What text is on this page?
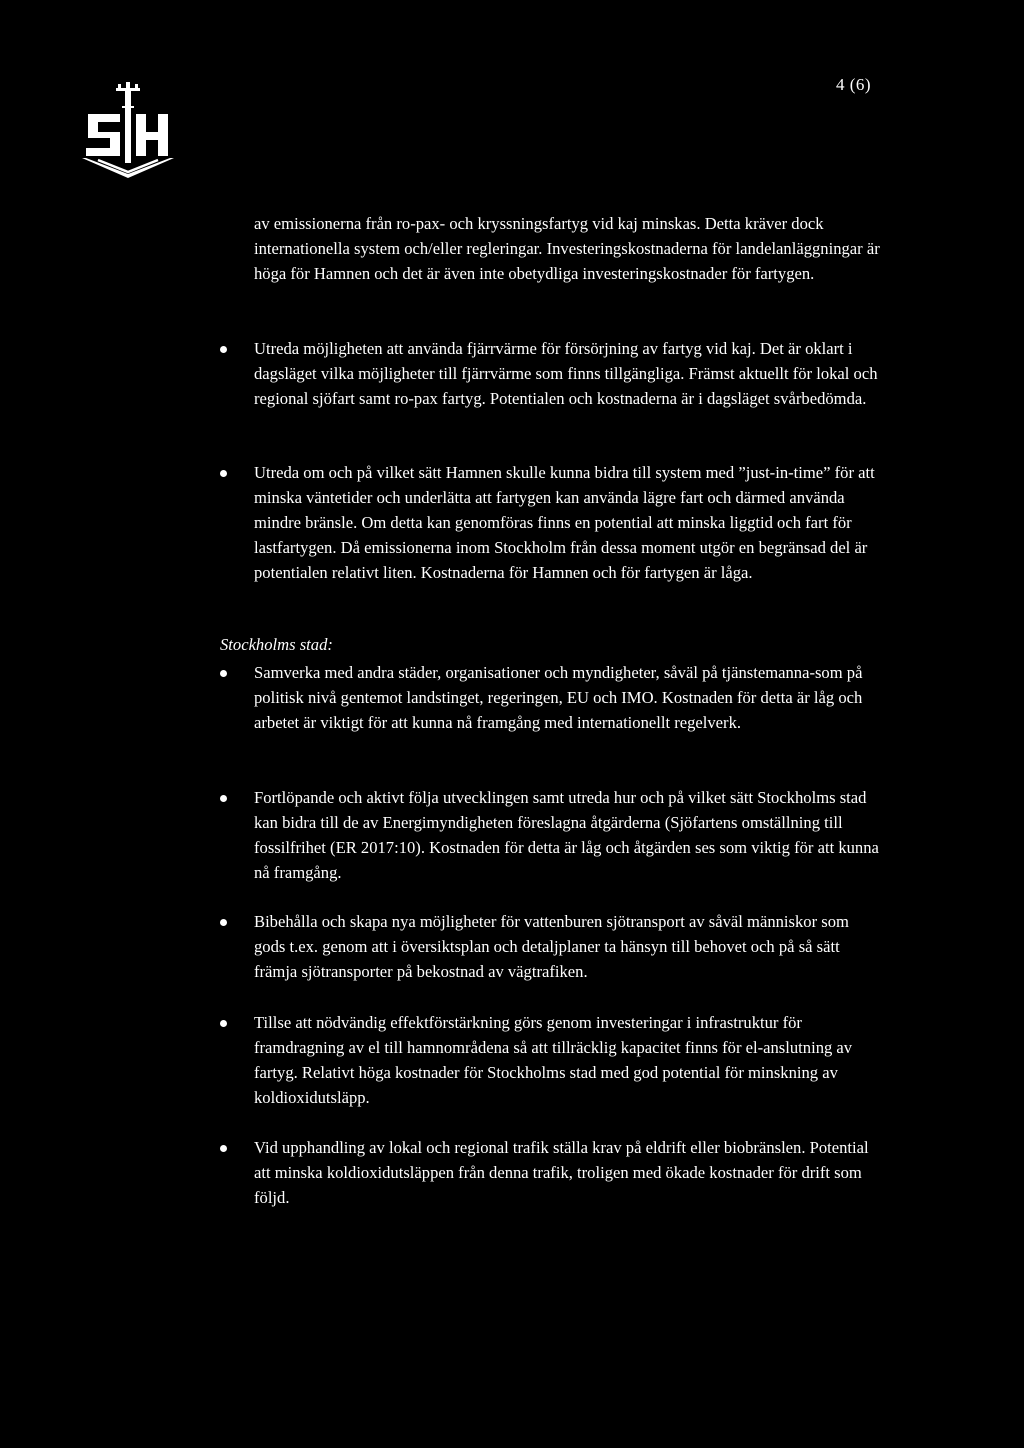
4 (6)

av emissionerna från ro-pax- och kryssningsfartyg vid kaj minskas. Detta kräver dock internationella system och/eller regleringar. Investeringskostnaderna för landelanläggningar är höga för Hamnen och det är även inte obetydliga investeringskostnader för fartygen.

Utreda möjligheten att använda fjärrvärme för försörjning av fartyg vid kaj. Det är oklart i dagsläget vilka möjligheter till fjärrvärme som finns tillgängliga. Främst aktuellt för lokal och regional sjöfart samt ro-pax fartyg. Potentialen och kostnaderna är i dagsläget svårbedömda.
Utreda om och på vilket sätt Hamnen skulle kunna bidra till system med ”just-in-time” för att minska väntetider och underlätta att fartygen kan använda lägre fart och därmed använda mindre bränsle. Om detta kan genomföras finns en potential att minska liggtid och fart för lastfartygen. Då emissionerna inom Stockholm från dessa moment utgör en begränsad del är potentialen relativt liten. Kostnaderna för Hamnen och för fartygen är låga.

Stockholms stad:

Samverka med andra städer, organisationer och myndigheter, såväl på tjänstemanna-som på politisk nivå gentemot landstinget, regeringen, EU och IMO. Kostnaden för detta är låg och arbetet är viktigt för att kunna nå framgång med internationellt regelverk.
Fortlöpande och aktivt följa utvecklingen samt utreda hur och på vilket sätt Stockholms stad kan bidra till de av Energimyndigheten föreslagna åtgärderna (Sjöfartens omställning till fossilfrihet (ER 2017:10). Kostnaden för detta är låg och åtgärden ses som viktig för att kunna nå framgång.
Bibehålla och skapa nya möjligheter för vattenburen sjötransport av såväl människor som gods t.ex. genom att i översiktsplan och detaljplaner ta hänsyn till behovet och på så sätt främja sjötransporter på bekostnad av vägtrafiken.
Tillse att nödvändig effektförstärkning görs genom investeringar i infrastruktur för framdragning av el till hamnområdena så att tillräcklig kapacitet finns för el-anslutning av fartyg. Relativt höga kostnader för Stockholms stad med god potential för minskning av koldioxidutsläpp.
Vid upphandling av lokal och regional trafik ställa krav på eldrift eller biobränslen. Potential att minska koldioxidutsläppen från denna trafik, troligen med ökade kostnader för drift som följd.
